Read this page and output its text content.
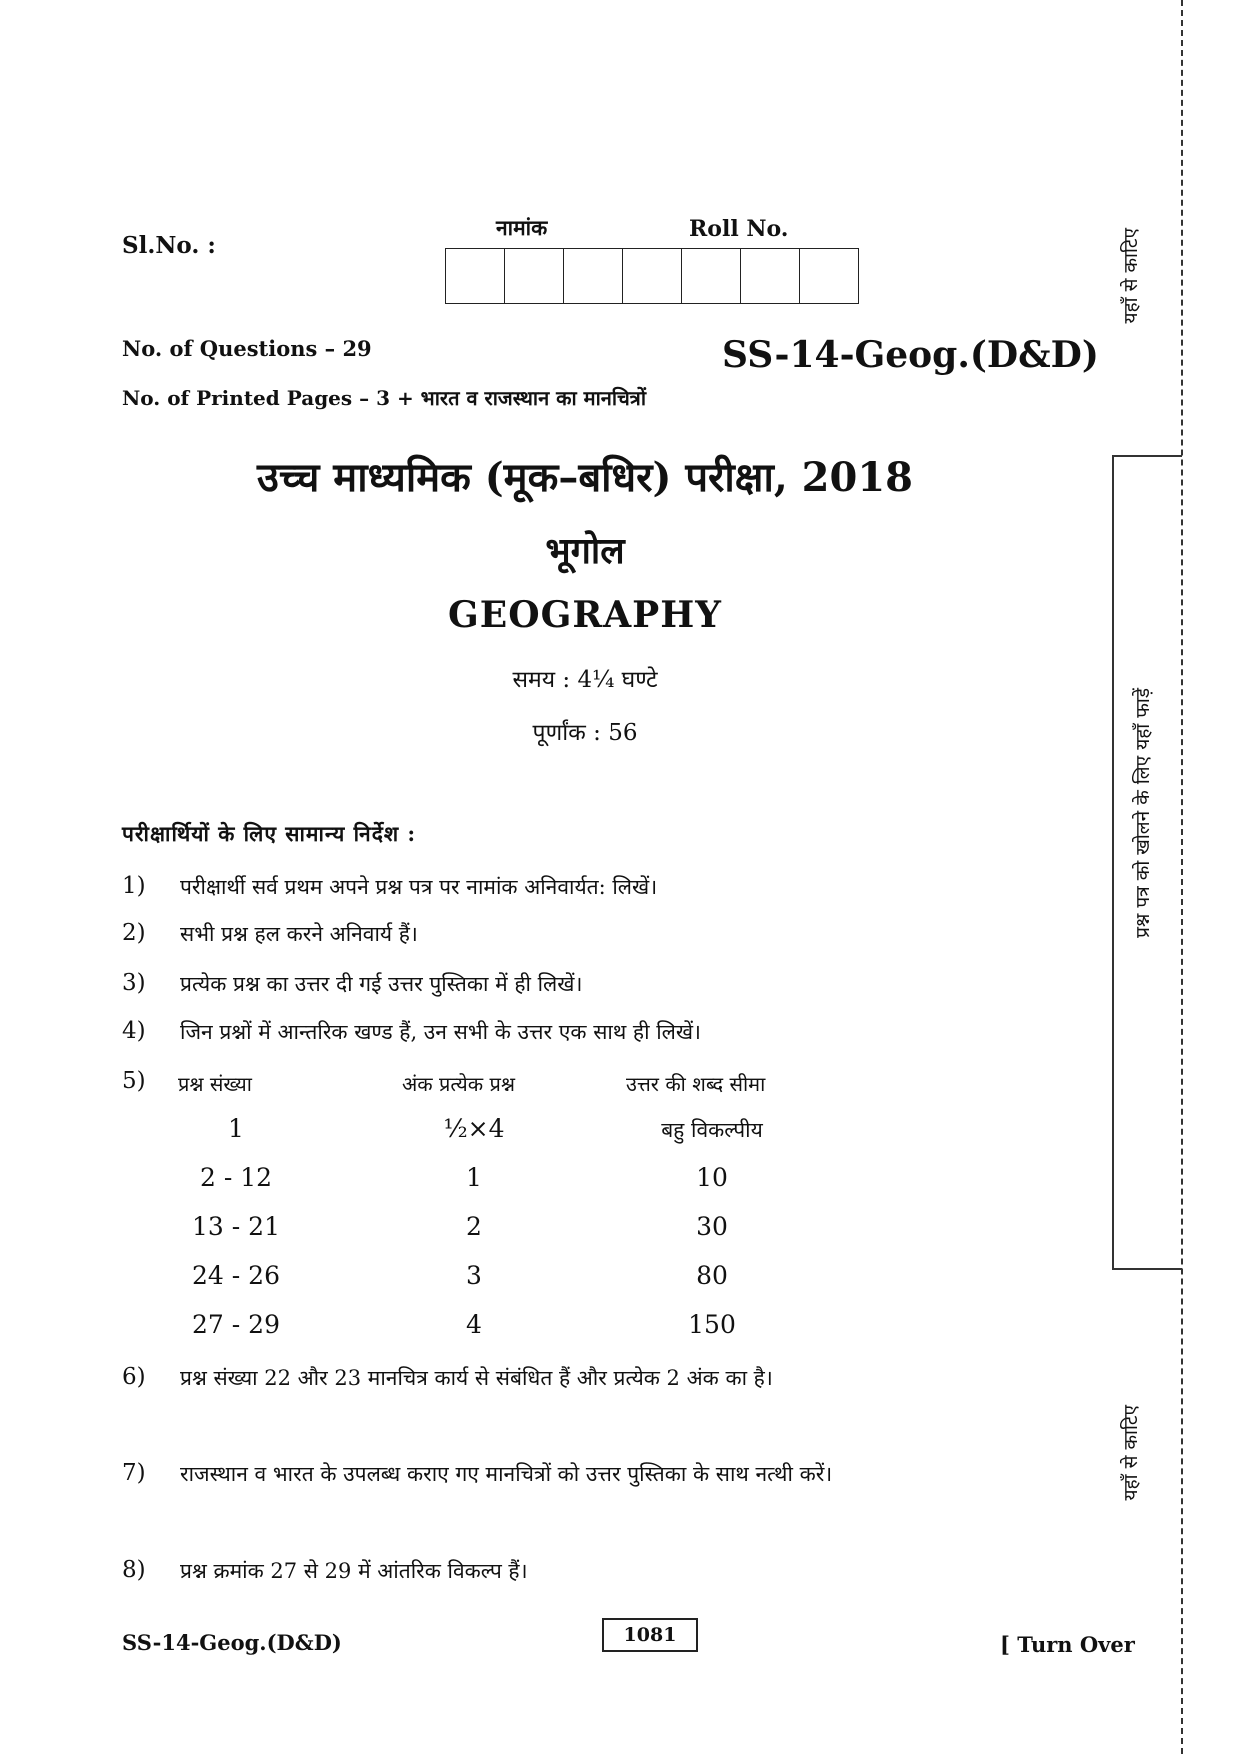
Sl.No. :
नामांक	Roll No.
No. of Questions – 29
No. of Printed Pages – 3 + भारत व राजस्थान का मानचित्रों
SS-14-Geog.(D&D)
उच्च माध्यमिक (मूक–बधिर) परीक्षा, 2018
भूगोल
GEOGRAPHY
समय : 4¼ घण्टे
पूर्णांक : 56
परीक्षार्थियों के लिए सामान्य निर्देश :
1)	परीक्षार्थी सर्व प्रथम अपने प्रश्न पत्र पर नामांक अनिवार्यत: लिखें।
2)	सभी प्रश्न हल करने अनिवार्य हैं।
3)	प्रत्येक प्रश्न का उत्तर दी गई उत्तर पुस्तिका में ही लिखें।
4)	जिन प्रश्नों में आन्तरिक खण्ड हैं, उन सभी के उत्तर एक साथ ही लिखें।
5)	प्रश्न संख्या	अंक प्रत्येक प्रश्न	उत्तर की शब्द सीमा
1	½×4	बहु विकल्पीय
2 - 12	1	10
13 - 21	2	30
24 - 26	3	80
27 - 29	4	150
6)	प्रश्न संख्या 22 और 23 मानचित्र कार्य से संबंधित हैं और प्रत्येक 2 अंक का है।
7)	राजस्थान व भारत के उपलब्ध कराए गए मानचित्रों को उत्तर पुस्तिका के साथ नत्थी करें।
8)	प्रश्न क्रमांक 27 से 29 में आंतरिक विकल्प हैं।
SS-14-Geog.(D&D)	1081	[ Turn Over
यहाँ से काटिए
प्रश्न पत्र को खोलने के लिए यहाँ फाड़ें
यहाँ से काटिए
